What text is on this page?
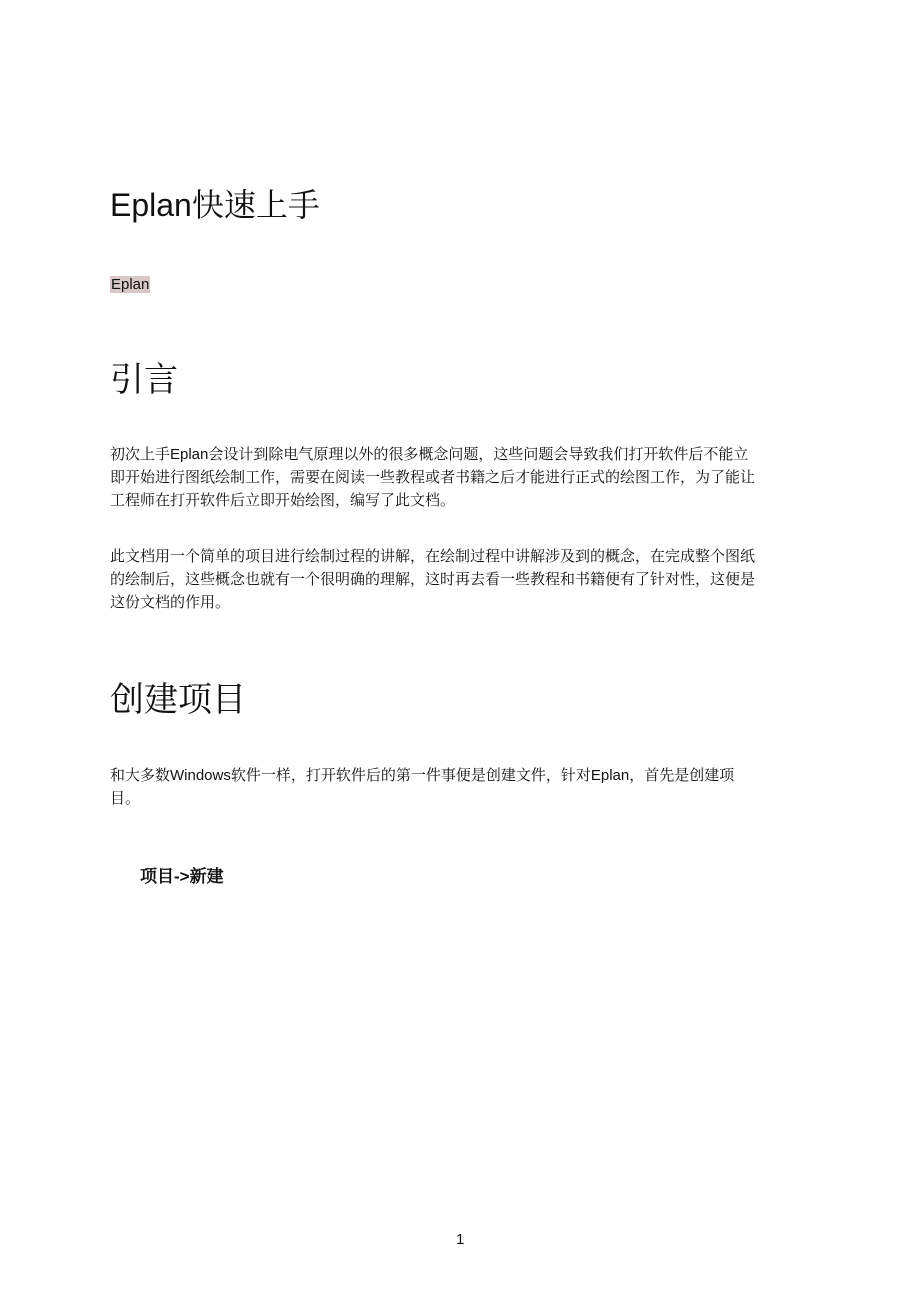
Eplan快速上手
Eplan
引言
初次上手Eplan会设计到除电气原理以外的很多概念问题，这些问题会导致我们打开软件后不能立
即开始进行图纸绘制工作，需要在阅读一些教程或者书籍之后才能进行正式的绘图工作，为了能让
工程师在打开软件后立即开始绘图，编写了此文档。
此文档用一个简单的项目进行绘制过程的讲解，在绘制过程中讲解涉及到的概念，在完成整个图纸
的绘制后，这些概念也就有一个很明确的理解，这时再去看一些教程和书籍便有了针对性，这便是
这份文档的作用。
创建项目
和大多数Windows软件一样，打开软件后的第一件事便是创建文件，针对Eplan，首先是创建项
目。
项目->新建
1
